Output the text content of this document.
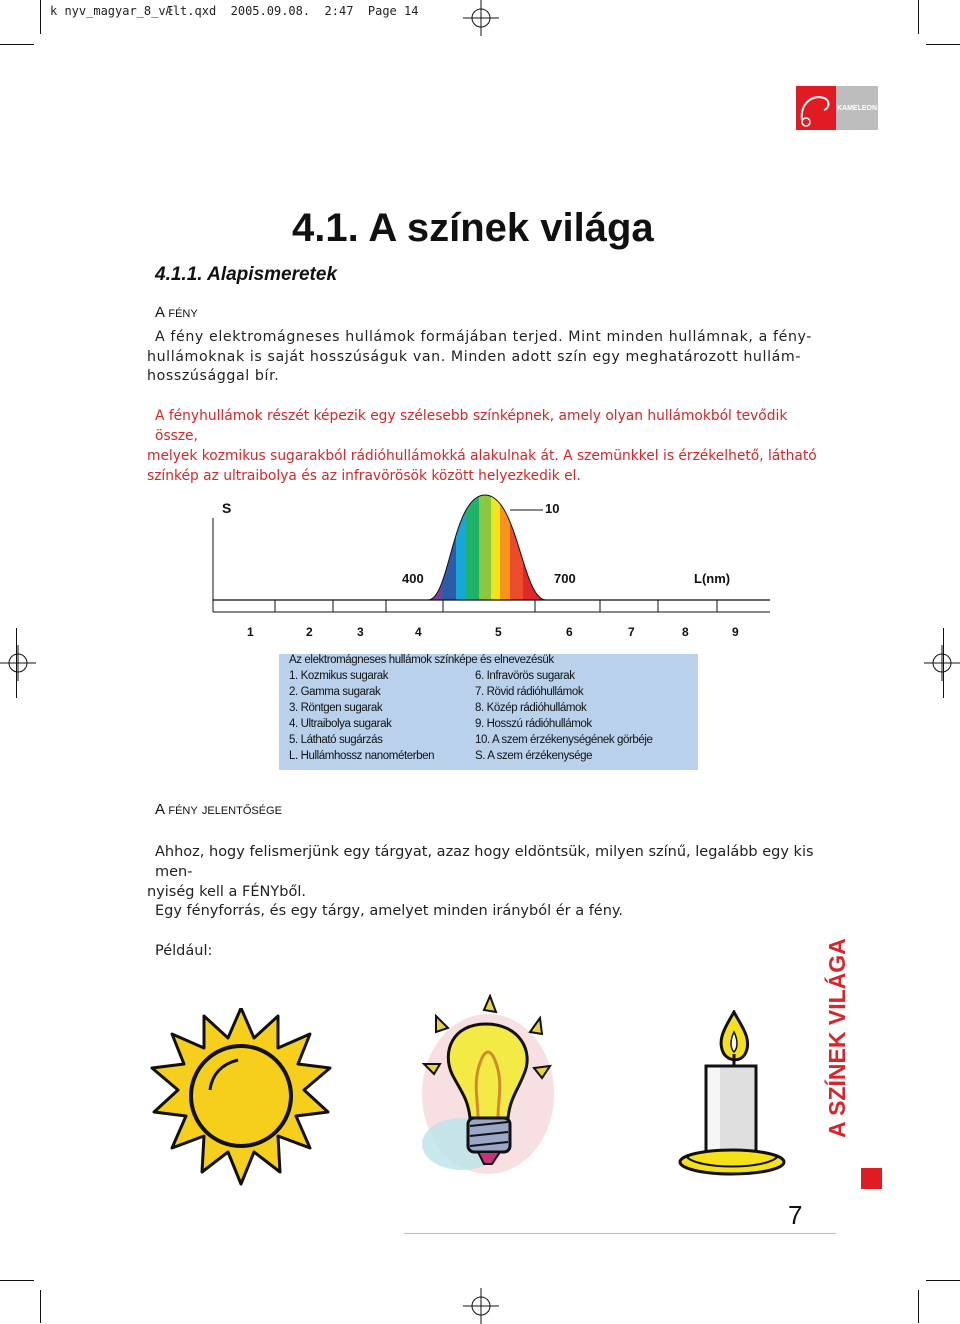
k nyv_magyar_8_vÆlt.qxd  2005.09.08.  2:47  Page 14
KAMELEON
4.1. A színek világa
4.1.1. Alapismeretek
A fény
A fény elektromágneses hullámok formájában terjed. Mint minden hullámnak, a fény-
hullámoknak is saját hosszúságuk van. Minden adott szín egy meghatározott hullám-
hosszúsággal bír.
A fényhullámok részét képezik egy szélesebb színképnek, amely olyan hullámokból tevődik össze,
melyek kozmikus sugarakból rádióhullámokká alakulnak át. A szemünkkel is érzékelhető, látható
színkép az ultraibolya és az infravörösök között helyezkedik el.
S	10
400	700	L(nm)
1	2	3	4	5	6	7	8	9
Az elektromágneses hullámok színképe és elnevezésük
1. Kozmikus sugarak
2. Gamma sugarak
3. Röntgen sugarak
4. Ultraibolya sugarak
5. Látható sugárzás
L. Hullámhossz nanométerben
6. Infravörös sugarak
7. Rövid rádióhullámok
8. Közép rádióhullámok
9. Hosszú rádióhullámok
10. A szem érzékenységének görbéje
S. A szem érzékenysége
A fény jelentősége
Ahhoz, hogy felismerjünk egy tárgyat, azaz hogy eldöntsük, milyen színű, legalább egy kis men-
nyiség kell a FÉNYből.
Egy fényforrás, és egy tárgy, amelyet minden irányból ér a fény.
Például:
7
A SZÍNEK VILÁGA
